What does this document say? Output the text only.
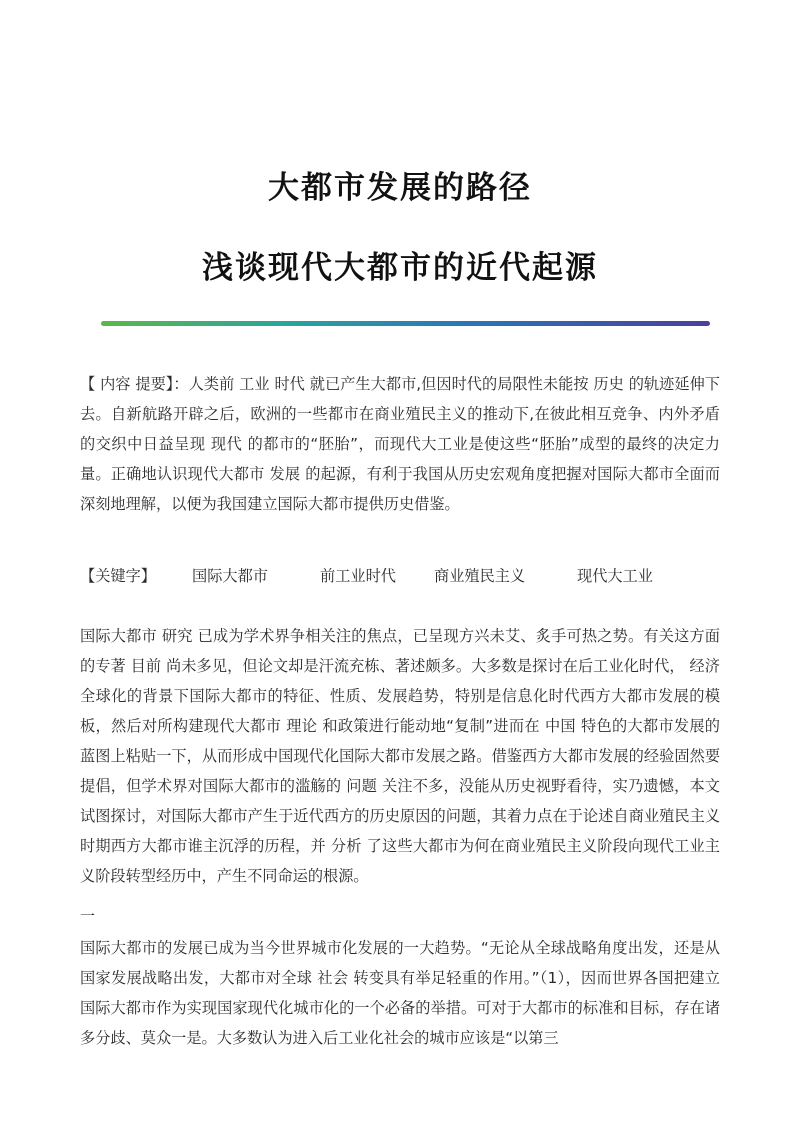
大都市发展的路径
浅谈现代大都市的近代起源

【 内容 提要】：人类前 工业 时代 就已产生大都市,但因时代的局限性未能按 历史 的轨迹延伸下去。自新航路开辟之后，欧洲的一些都市在商业殖民主义的推动下,在彼此相互竞争、内外矛盾的交织中日益呈现 现代 的都市的“胚胎”，而现代大工业是使这些“胚胎”成型的最终的决定力量。正确地认识现代大都市 发展 的起源，有利于我国从历史宏观角度把握对国际大都市全面而深刻地理解，以便为我国建立国际大都市提供历史借鉴。

【关键字】 国际大都市	前工业时代	商业殖民主义	现代大工业

国际大都市 研究 已成为学术界争相关注的焦点，已呈现方兴未艾、炙手可热之势。有关这方面的专著 目前 尚未多见，但论文却是汗流充栋、著述颇多。大多数是探讨在后工业化时代， 经济 全球化的背景下国际大都市的特征、性质、发展趋势，特别是信息化时代西方大都市发展的模板，然后对所构建现代大都市 理论 和政策进行能动地“复制”进而在 中国 特色的大都市发展的蓝图上粘贴一下，从而形成中国现代化国际大都市发展之路。借鉴西方大都市发展的经验固然要提倡，但学术界对国际大都市的滥觞的 问题 关注不多，没能从历史视野看待，实乃遗憾，本文试图探讨，对国际大都市产生于近代西方的历史原因的问题，其着力点在于论述自商业殖民主义时期西方大都市谁主沉浮的历程，并 分析 了这些大都市为何在商业殖民主义阶段向现代工业主义阶段转型经历中，产生不同命运的根源。

一

国际大都市的发展已成为当今世界城市化发展的一大趋势。“无论从全球战略角度出发，还是从国家发展战略出发，大都市对全球 社会 转变具有举足轻重的作用。”（1），因而世界各国把建立国际大都市作为实现国家现代化城市化的一个必备的举措。可对于大都市的标准和目标，存在诸多分歧、莫众一是。大多数认为进入后工业化社会的城市应该是“以第三
